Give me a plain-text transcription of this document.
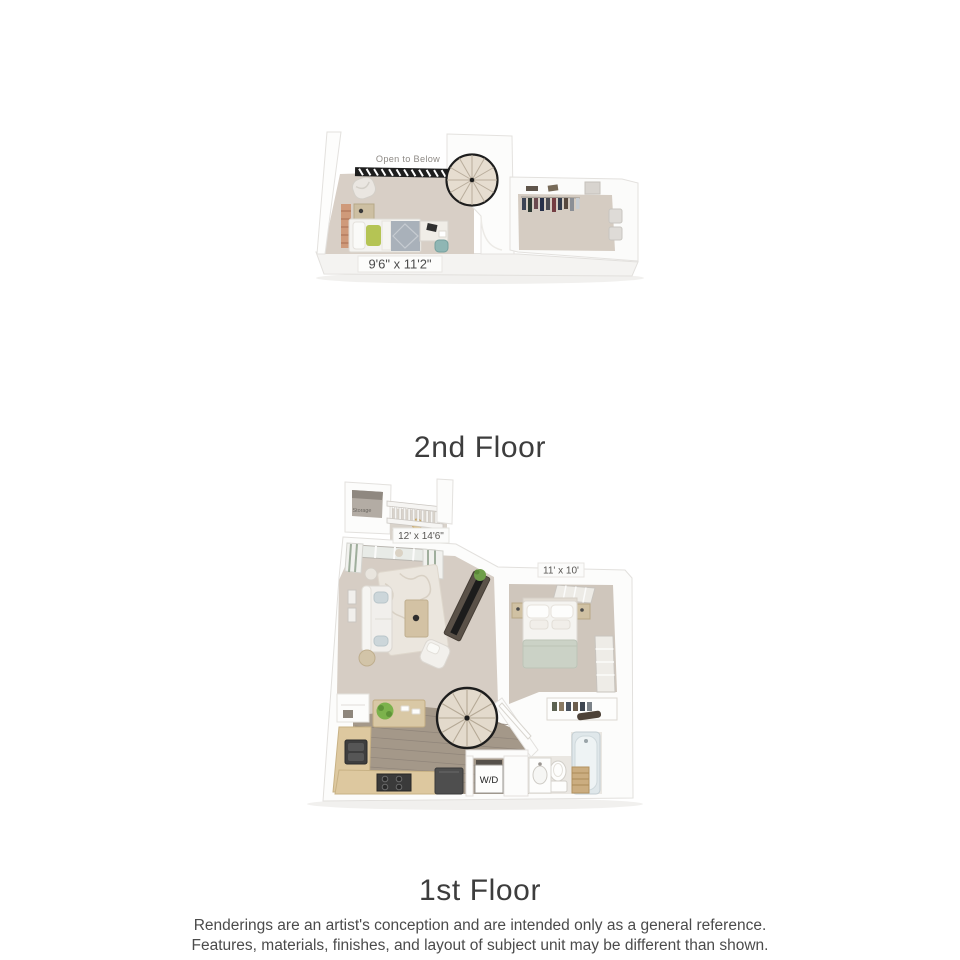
Open to Below
9'6" x 11'2"
2nd Floor
Storage
12' x 14'6"
11' x 10'
W/D
1st Floor

Renderings are an artist's conception and are intended only as a general reference.
Features, materials, finishes, and layout of subject unit may be different than shown.
